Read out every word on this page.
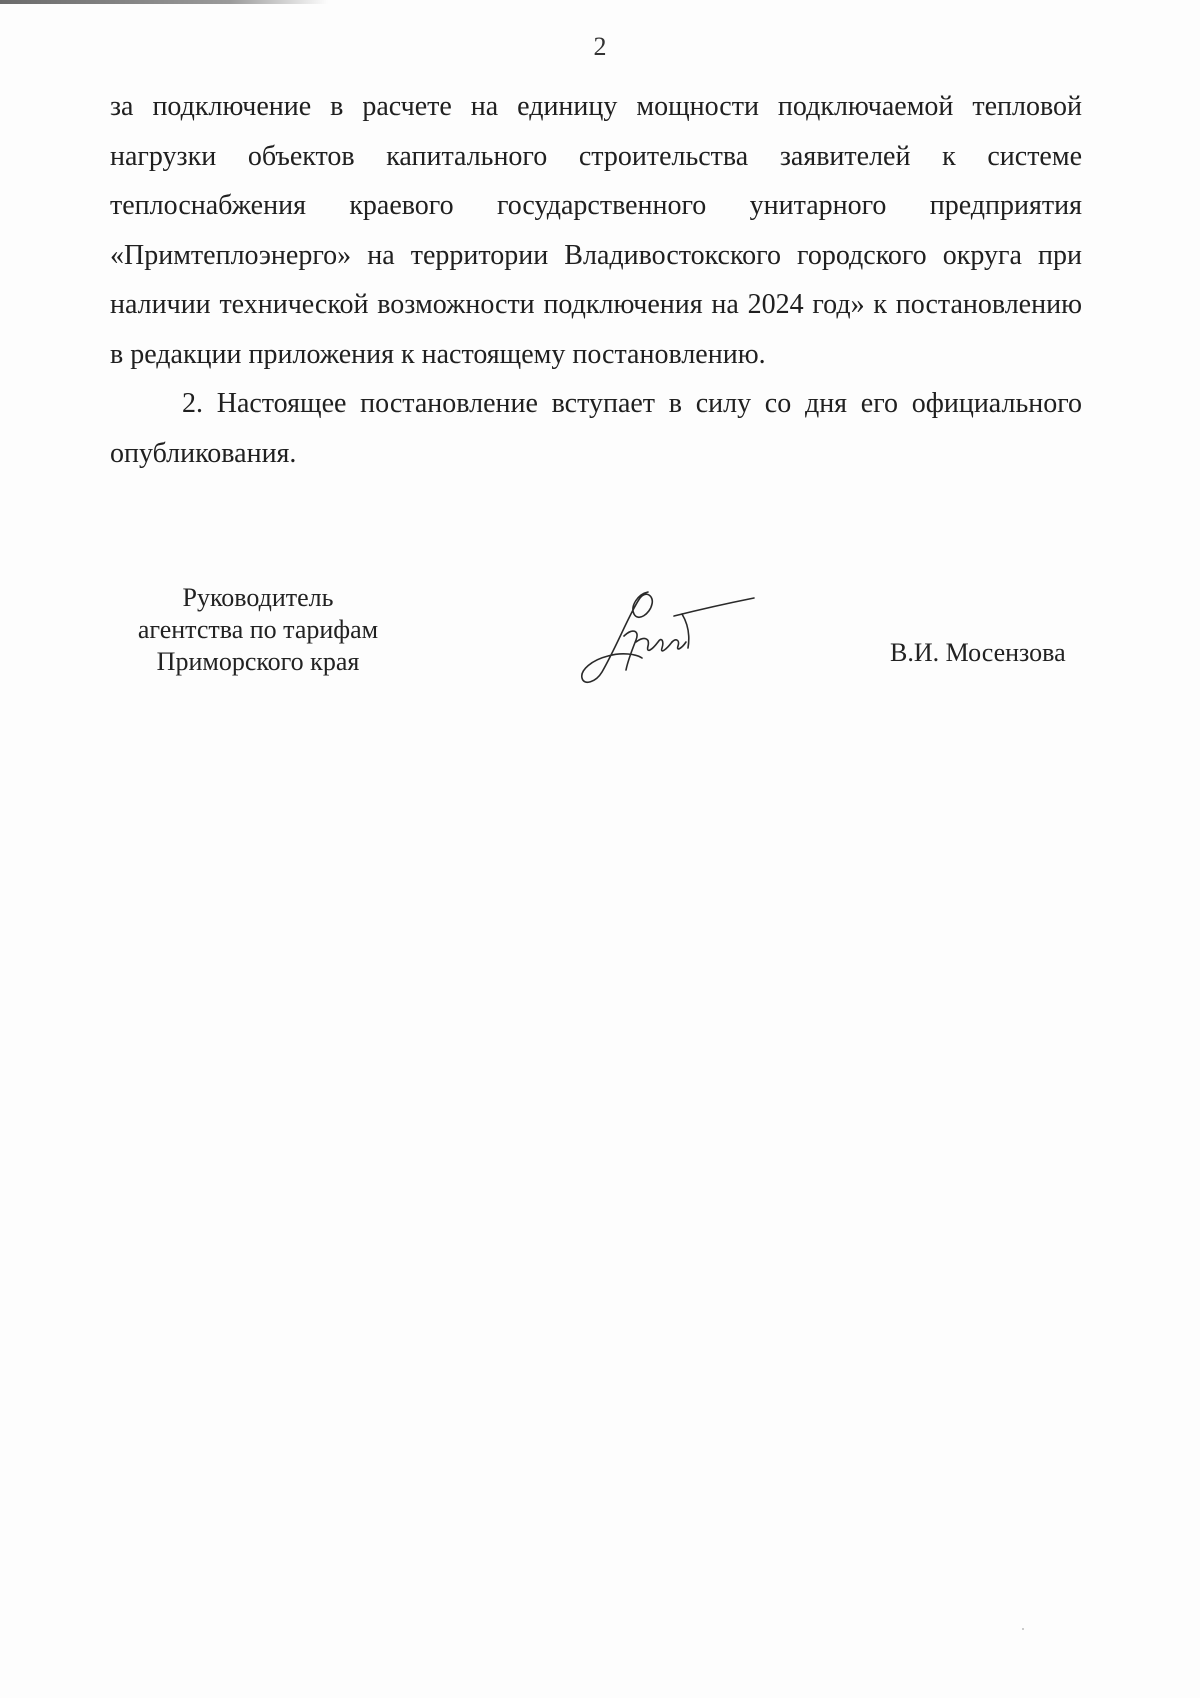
2

за подключение в расчете на единицу мощности подключаемой тепловой нагрузки объектов капитального строительства заявителей к системе теплоснабжения краевого государственного унитарного предприятия «Примтеплоэнерго» на территории Владивостокского городского округа при наличии технической возможности подключения на 2024 год» к постановлению в редакции приложения к настоящему постановлению.

2. Настоящее постановление вступает в силу со дня его официального опубликования.

Руководитель
агентства по тарифам
Приморского края	В.И. Мосензова
